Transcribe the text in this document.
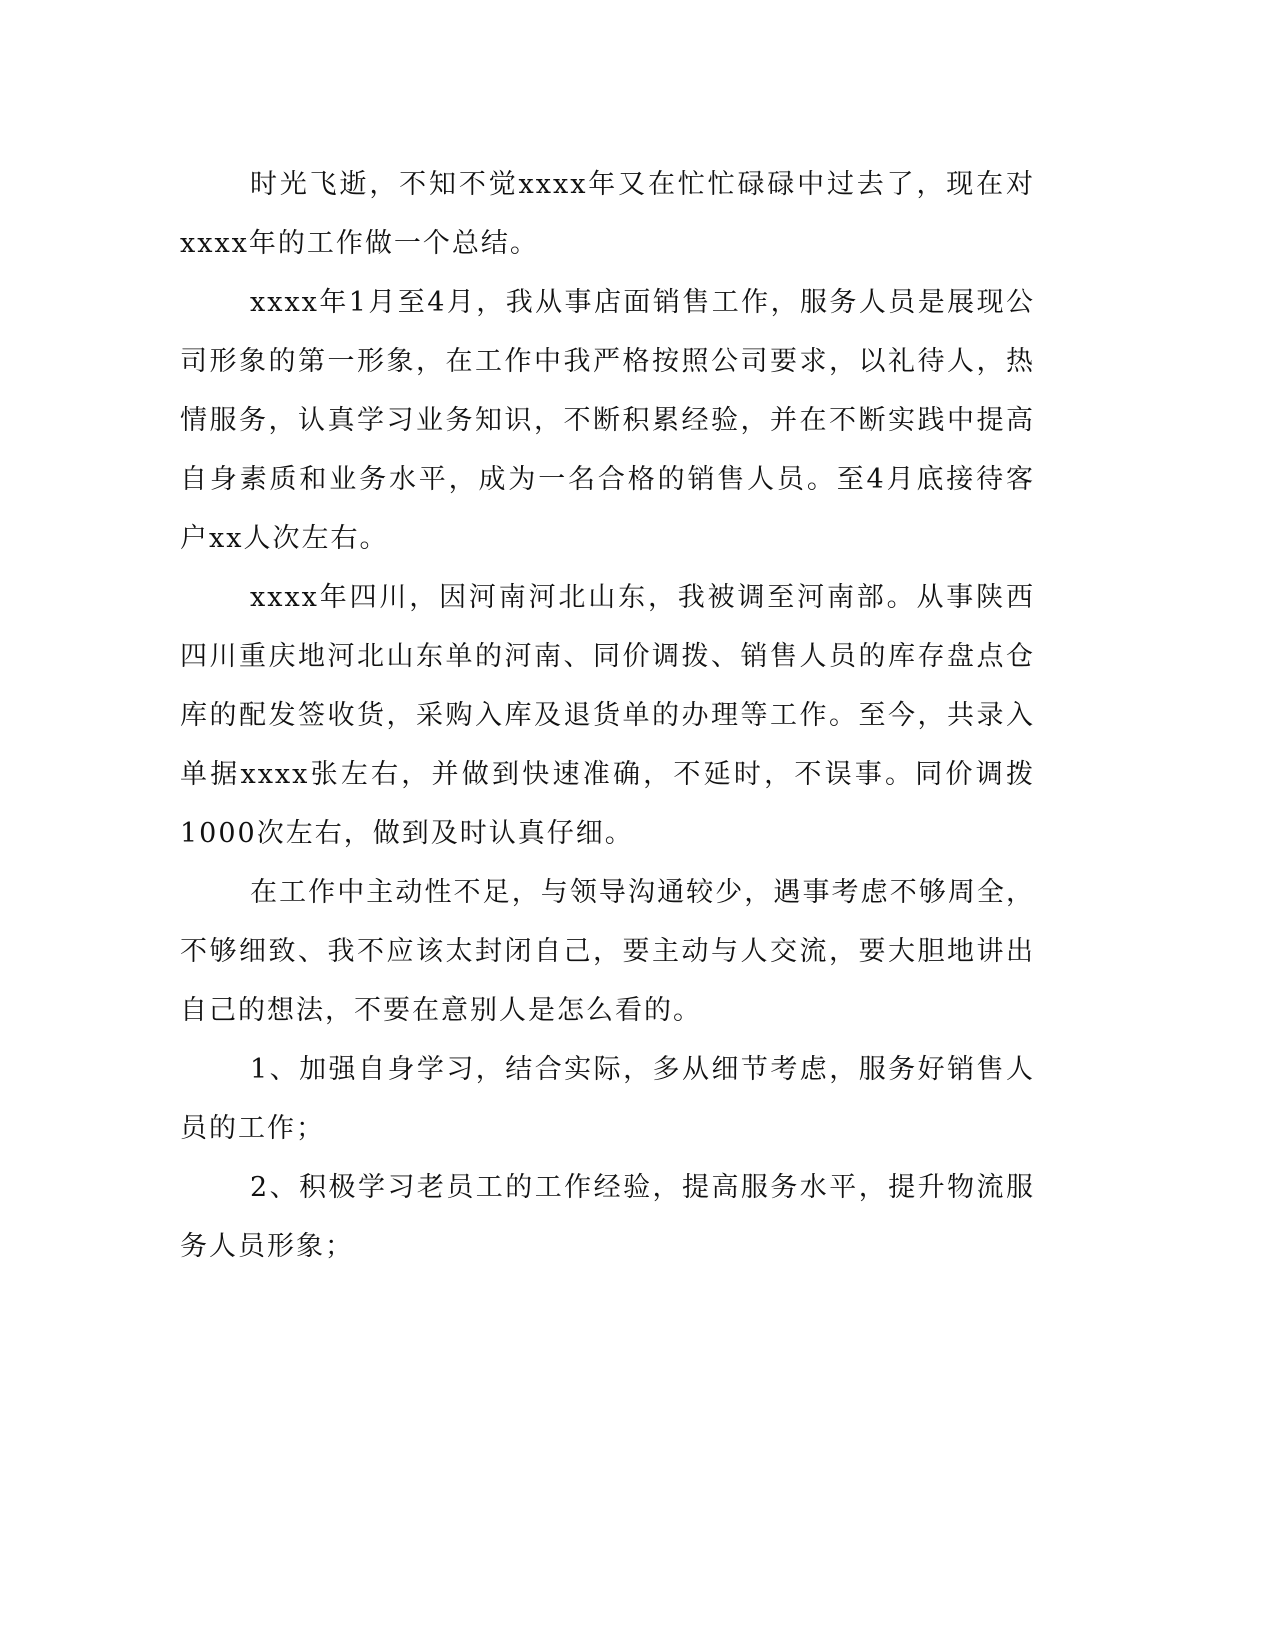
时光飞逝，不知不觉xxxx年又在忙忙碌碌中过去了，现在对xxxx年的工作做一个总结。

xxxx年1月至4月，我从事店面销售工作，服务人员是展现公司形象的第一形象，在工作中我严格按照公司要求，以礼待人，热情服务，认真学习业务知识，不断积累经验，并在不断实践中提高自身素质和业务水平，成为一名合格的销售人员。至4月底接待客户xx人次左右。

xxxx年四川，因河南河北山东，我被调至河南部。从事陕西四川重庆地河北山东单的河南、同价调拨、销售人员的库存盘点仓库的配发签收货，采购入库及退货单的办理等工作。至今，共录入单据xxxx张左右，并做到快速准确，不延时，不误事。同价调拨1000次左右，做到及时认真仔细。

在工作中主动性不足，与领导沟通较少，遇事考虑不够周全，不够细致、我不应该太封闭自己，要主动与人交流，要大胆地讲出自己的想法，不要在意别人是怎么看的。

1、加强自身学习，结合实际，多从细节考虑，服务好销售人员的工作；

2、积极学习老员工的工作经验，提高服务水平，提升物流服务人员形象；
